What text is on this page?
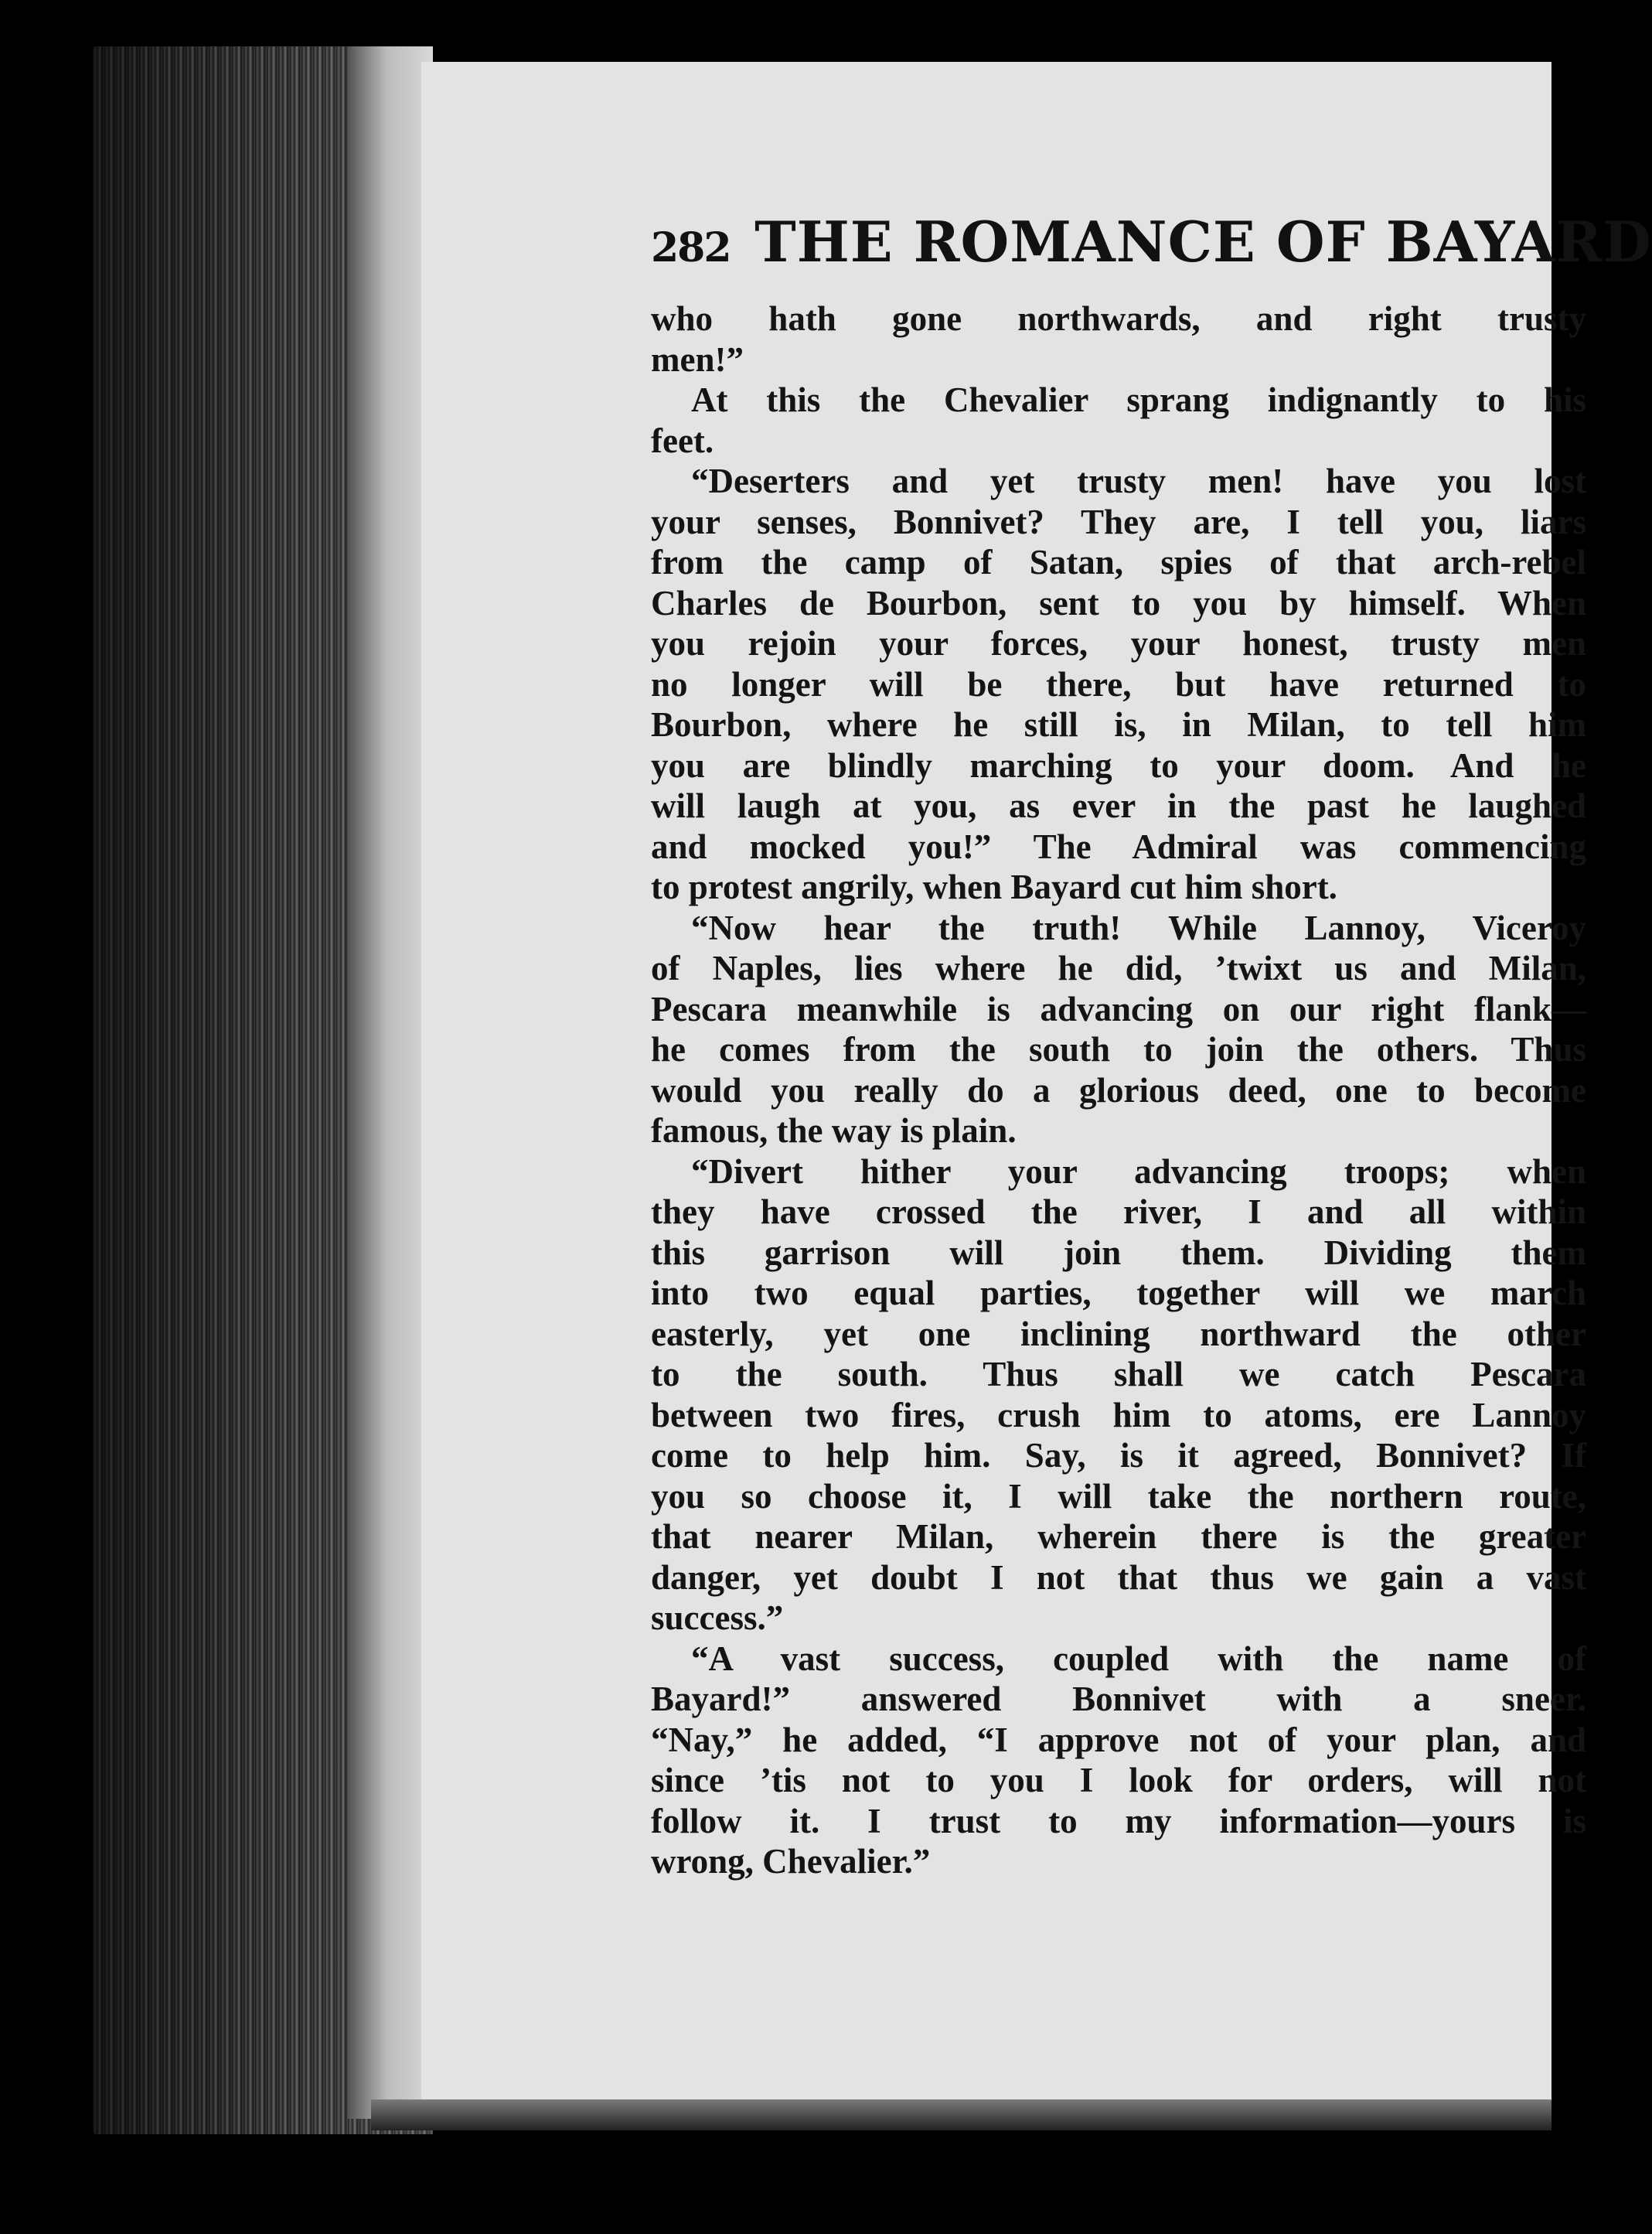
282 THE ROMANCE OF BAYARD
who hath gone northwards, and right trusty
men!”
At this the Chevalier sprang indignantly to his
feet.
“Deserters and yet trusty men! have you lost
your senses, Bonnivet? They are, I tell you, liars
from the camp of Satan, spies of that arch-rebel
Charles de Bourbon, sent to you by himself. When
you rejoin your forces, your honest, trusty men
no longer will be there, but have returned to
Bourbon, where he still is, in Milan, to tell him
you are blindly marching to your doom. And he
will laugh at you, as ever in the past he laughed
and mocked you!” The Admiral was commencing
to protest angrily, when Bayard cut him short.
“Now hear the truth! While Lannoy, Viceroy
of Naples, lies where he did, ’twixt us and Milan,
Pescara meanwhile is advancing on our right flank—
he comes from the south to join the others. Thus
would you really do a glorious deed, one to become
famous, the way is plain.
“Divert hither your advancing troops; when
they have crossed the river, I and all within
this garrison will join them. Dividing them
into two equal parties, together will we march
easterly, yet one inclining northward the other
to the south. Thus shall we catch Pescara
between two fires, crush him to atoms, ere Lannoy
come to help him. Say, is it agreed, Bonnivet? If
you so choose it, I will take the northern route,
that nearer Milan, wherein there is the greater
danger, yet doubt I not that thus we gain a vast
success.”
“A vast success, coupled with the name of
Bayard!” answered Bonnivet with a sneer.
“Nay,” he added, “I approve not of your plan, and
since ’tis not to you I look for orders, will not
follow it. I trust to my information—yours is
wrong, Chevalier.”
